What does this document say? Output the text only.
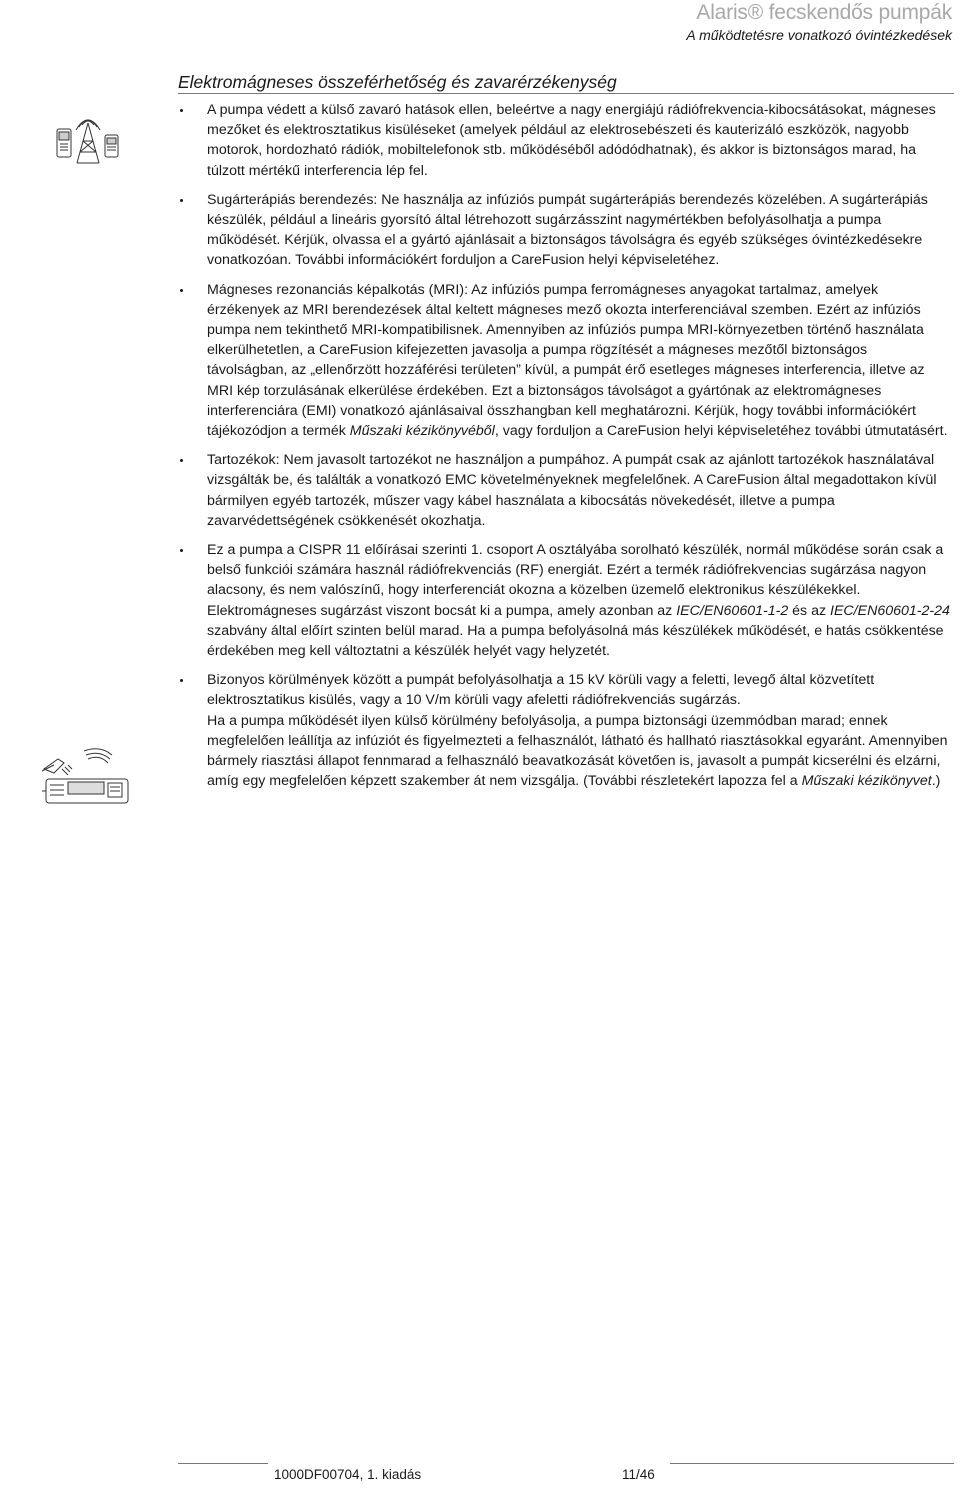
Alaris® fecskendős pumpák
A működtetésre vonatkozó óvintézkedések
Elektromágneses összeférhetőség és zavarérzékenység
A pumpa védett a külső zavaró hatások ellen, beleértve a nagy energiájú rádiófrekvencia-kibocsátásokat, mágneses mezőket és elektrosztatikus kisüléseket (amelyek például az elektrosebészeti és kauterizáló eszközök, nagyobb motorok, hordozható rádiók, mobiltelefonok stb. működéséből adódódhatnak), és akkor is biztonságos marad, ha túlzott mértékű interferencia lép fel.
Sugárterápiás berendezés: Ne használja az infúziós pumpát sugárterápiás berendezés közelében. A sugárterápiás készülék, például a lineáris gyorsító által létrehozott sugárzásszint nagymértékben befolyásolhatja a pumpa működését. Kérjük, olvassa el a gyártó ajánlásait a biztonságos távolságra és egyéb szükséges óvintézkedésekre vonatkozóan. További információkért forduljon a CareFusion helyi képviseletéhez.
Mágneses rezonanciás képalkotás (MRI): Az infúziós pumpa ferromágneses anyagokat tartalmaz, amelyek érzékenyek az MRI berendezések által keltett mágneses mező okozta interferenciával szemben. Ezért az infúziós pumpa nem tekinthető MRI-kompatibilisnek. Amennyiben az infúziós pumpa MRI-környezetben történő használata elkerülhetetlen, a CareFusion kifejezetten javasolja a pumpa rögzítését a mágneses mezőtől biztonságos távolságban, az „ellenőrzött hozzáférési területen” kívül, a pumpát érő esetleges mágneses interferencia, illetve az MRI kép torzulásának elkerülése érdekében. Ezt a biztonságos távolságot a gyártónak az elektromágneses interferenciára (EMI) vonatkozó ajánlásaival összhangban kell meghatározni. Kérjük, hogy további információkért tájékozódjon a termék Műszaki kézikönyvéből, vagy forduljon a CareFusion helyi képviseletéhez további útmutatásért.
Tartozékok: Nem javasolt tartozékot ne használjon a pumpához. A pumpát csak az ajánlott tartozékok használatával vizsgálták be, és találták a vonatkozó EMC követelményeknek megfelelőnek. A CareFusion által megadottakon kívül bármilyen egyéb tartozék, műszer vagy kábel használata a kibocsátás növekedését, illetve a pumpa zavarvédettségének csökkenését okozhatja.
Ez a pumpa a CISPR 11 előírásai szerinti 1. csoport A osztályába sorolható készülék, normál működése során csak a belső funkciói számára használ rádiófrekvenciás (RF) energiát. Ezért a termék rádiófrekvencias sugárzása nagyon alacsony, és nem valószínű, hogy interferenciát okozna a közelben üzemelő elektronikus készülékekkel. Elektromágneses sugárzást viszont bocsát ki a pumpa, amely azonban az IEC/EN60601-1-2 és az IEC/EN60601-2-24 szabvány által előírt szinten belül marad. Ha a pumpa befolyásolná más készülékek működését, e hatás csökkentése érdekében meg kell változtatni a készülék helyét vagy helyzetét.
Bizonyos körülmények között a pumpát befolyásolhatja a 15 kV körüli vagy a feletti, levegő által közvetített elektrosztatikus kisülés, vagy a 10 V/m körüli vagy afeletti rádiófrekvenciás sugárzás.
Ha a pumpa működését ilyen külső körülmény befolyásolja, a pumpa biztonsági üzemmódban marad; ennek megfelelően leállítja az infúziót és figyelmezteti a felhasználót, látható és hallható riasztásokkal egyaránt. Amennyiben bármely riasztási állapot fennmarad a felhasználó beavatkozását követően is, javasolt a pumpát kicserélni és elzárni, amíg egy megfelelően képzett szakember át nem vizsgálja. (További részletekért lapozza fel a Műszaki kézikönyvet.)
1000DF00704, 1. kiadás	11/46
